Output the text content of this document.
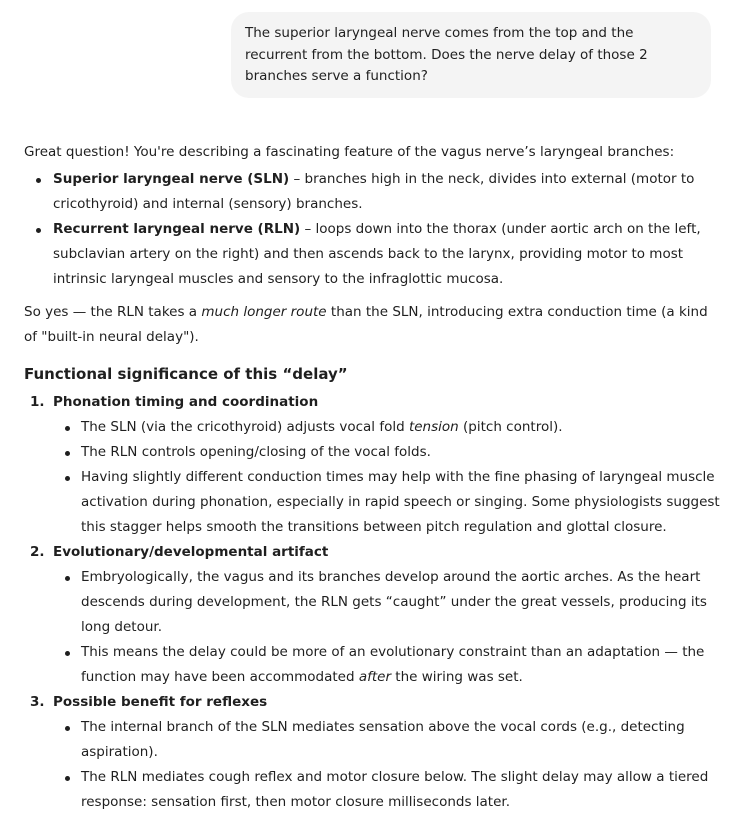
The superior laryngeal nerve comes from the top and the recurrent from the bottom. Does the nerve delay of those 2 branches serve a function?

Great question! You're describing a fascinating feature of the vagus nerve’s laryngeal branches:

Superior laryngeal nerve (SLN) – branches high in the neck, divides into external (motor to cricothyroid) and internal (sensory) branches.
Recurrent laryngeal nerve (RLN) – loops down into the thorax (under aortic arch on the left, subclavian artery on the right) and then ascends back to the larynx, providing motor to most intrinsic laryngeal muscles and sensory to the infraglottic mucosa.

So yes — the RLN takes a much longer route than the SLN, introducing extra conduction time (a kind of "built-in neural delay").

Functional significance of this “delay”
1. Phonation timing and coordination
The SLN (via the cricothyroid) adjusts vocal fold tension (pitch control).
The RLN controls opening/closing of the vocal folds.
Having slightly different conduction times may help with the fine phasing of laryngeal muscle activation during phonation, especially in rapid speech or singing. Some physiologists suggest this stagger helps smooth the transitions between pitch regulation and glottal closure.
2. Evolutionary/developmental artifact
Embryologically, the vagus and its branches develop around the aortic arches. As the heart descends during development, the RLN gets “caught” under the great vessels, producing its long detour.
This means the delay could be more of an evolutionary constraint than an adaptation — the function may have been accommodated after the wiring was set.
3. Possible benefit for reflexes
The internal branch of the SLN mediates sensation above the vocal cords (e.g., detecting aspiration).
The RLN mediates cough reflex and motor closure below. The slight delay may allow a tiered response: sensation first, then motor closure milliseconds later.
